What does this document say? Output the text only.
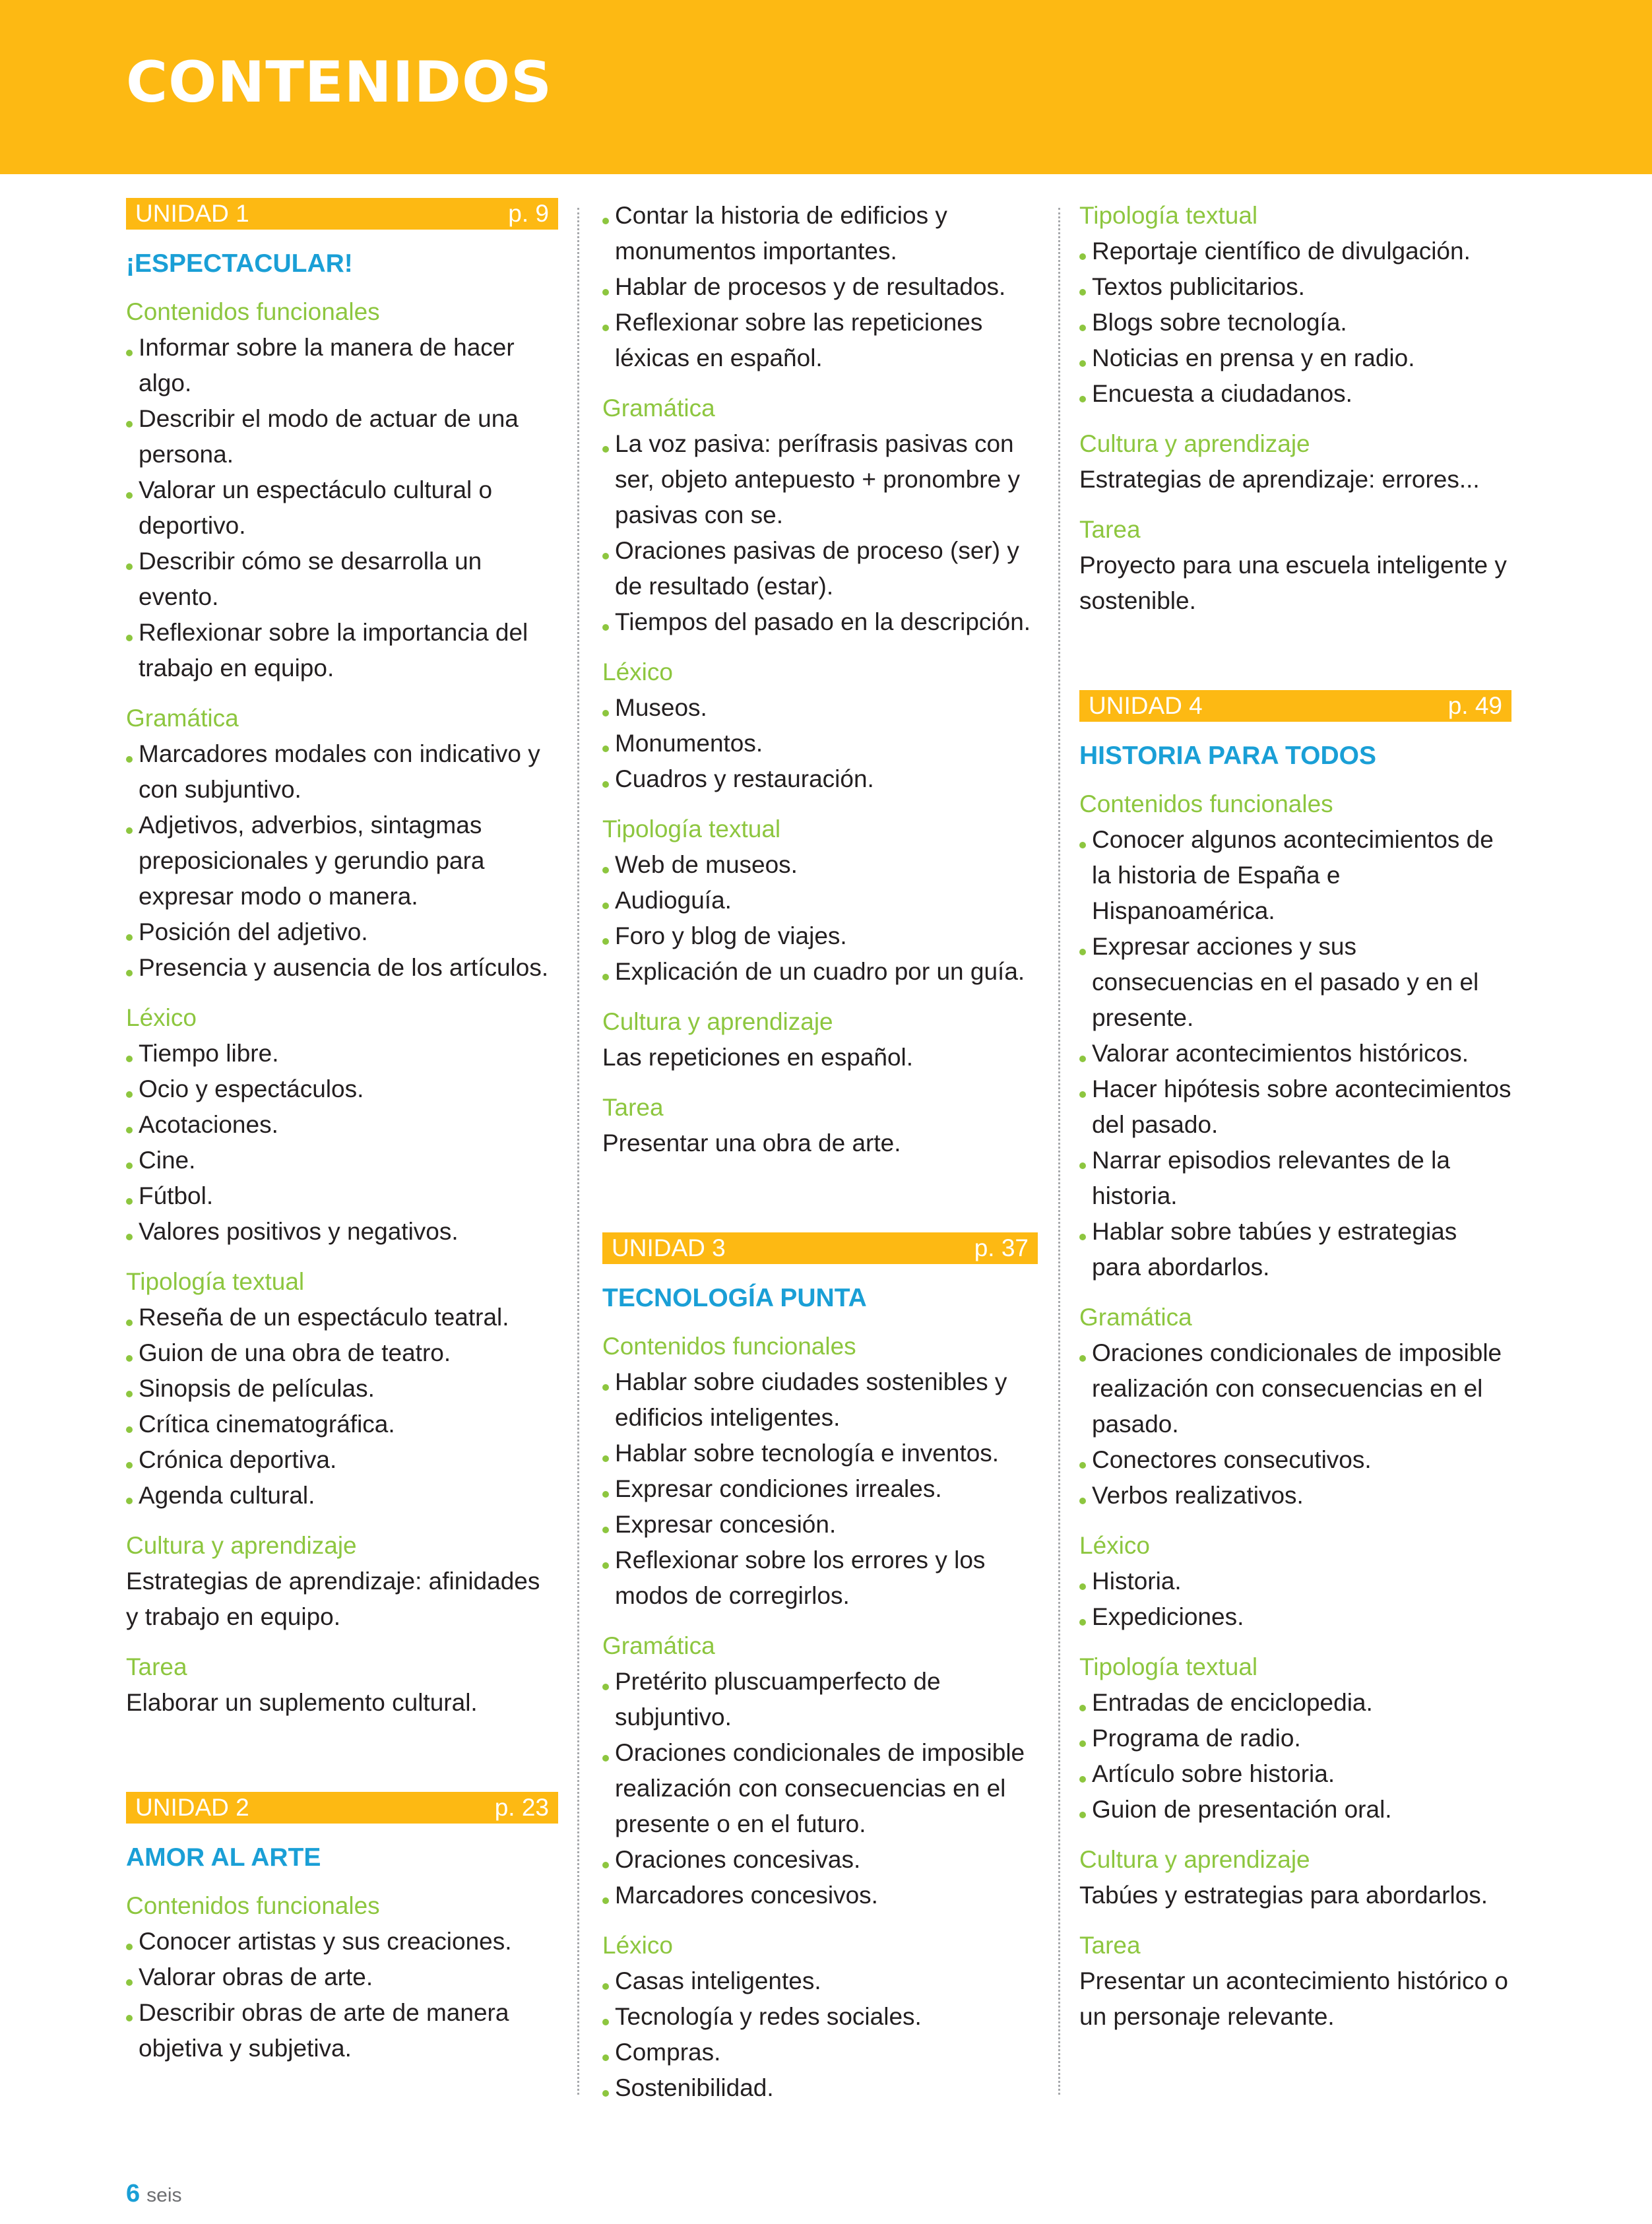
CONTENIDOS
UNIDAD 1	p. 9
¡ESPECTACULAR!
Contenidos funcionales
Informar sobre la manera de hacer algo.
Describir el modo de actuar de una persona.
Valorar un espectáculo cultural o deportivo.
Describir cómo se desarrolla un evento.
Reflexionar sobre la importancia del trabajo en equipo.
Gramática
Marcadores modales con indicativo y con subjuntivo.
Adjetivos, adverbios, sintagmas preposicionales y gerundio para expresar modo o manera.
Posición del adjetivo.
Presencia y ausencia de los artículos.
Léxico
Tiempo libre.
Ocio y espectáculos.
Acotaciones.
Cine.
Fútbol.
Valores positivos y negativos.
Tipología textual
Reseña de un espectáculo teatral.
Guion de una obra de teatro.
Sinopsis de películas.
Crítica cinematográfica.
Crónica deportiva.
Agenda cultural.
Cultura y aprendizaje

Estrategias de aprendizaje: afinidades y trabajo en equipo.

Tarea

Elaborar un suplemento cultural.

UNIDAD 2	p. 23
AMOR AL ARTE
Contenidos funcionales
Conocer artistas y sus creaciones.
Valorar obras de arte.
Describir obras de arte de manera objetiva y subjetiva.
Contar la historia de edificios y monumentos importantes.
Hablar de procesos y de resultados.
Reflexionar sobre las repeticiones léxicas en español.
Gramática
La voz pasiva: perífrasis pasivas con ser, objeto antepuesto + pronombre y pasivas con se.
Oraciones pasivas de proceso (ser) y de resultado (estar).
Tiempos del pasado en la descripción.
Léxico
Museos.
Monumentos.
Cuadros y restauración.
Tipología textual
Web de museos.
Audioguía.
Foro y blog de viajes.
Explicación de un cuadro por un guía.
Cultura y aprendizaje

Las repeticiones en español.

Tarea

Presentar una obra de arte.

UNIDAD 3	p. 37
TECNOLOGÍA PUNTA
Contenidos funcionales
Hablar sobre ciudades sostenibles y edificios inteligentes.
Hablar sobre tecnología e inventos.
Expresar condiciones irreales.
Expresar concesión.
Reflexionar sobre los errores y los modos de corregirlos.
Gramática
Pretérito pluscuamperfecto de subjuntivo.
Oraciones condicionales de imposible realización con consecuencias en el presente o en el futuro.
Oraciones concesivas.
Marcadores concesivos.
Léxico
Casas inteligentes.
Tecnología y redes sociales.
Compras.
Sostenibilidad.
Tipología textual
Reportaje científico de divulgación.
Textos publicitarios.
Blogs sobre tecnología.
Noticias en prensa y en radio.
Encuesta a ciudadanos.
Cultura y aprendizaje

Estrategias de aprendizaje: errores...

Tarea

Proyecto para una escuela inteligente y sostenible.

UNIDAD 4	p. 49
HISTORIA PARA TODOS
Contenidos funcionales
Conocer algunos acontecimientos de la historia de España e Hispanoamérica.
Expresar acciones y sus consecuencias en el pasado y en el presente.
Valorar acontecimientos históricos.
Hacer hipótesis sobre acontecimientos del pasado.
Narrar episodios relevantes de la historia.
Hablar sobre tabúes y estrategias para abordarlos.
Gramática
Oraciones condicionales de imposible realización con consecuencias en el pasado.
Conectores consecutivos.
Verbos realizativos.
Léxico
Historia.
Expediciones.
Tipología textual
Entradas de enciclopedia.
Programa de radio.
Artículo sobre historia.
Guion de presentación oral.
Cultura y aprendizaje

Tabúes y estrategias para abordarlos.

Tarea

Presentar un acontecimiento histórico o un personaje relevante.

6 seis
